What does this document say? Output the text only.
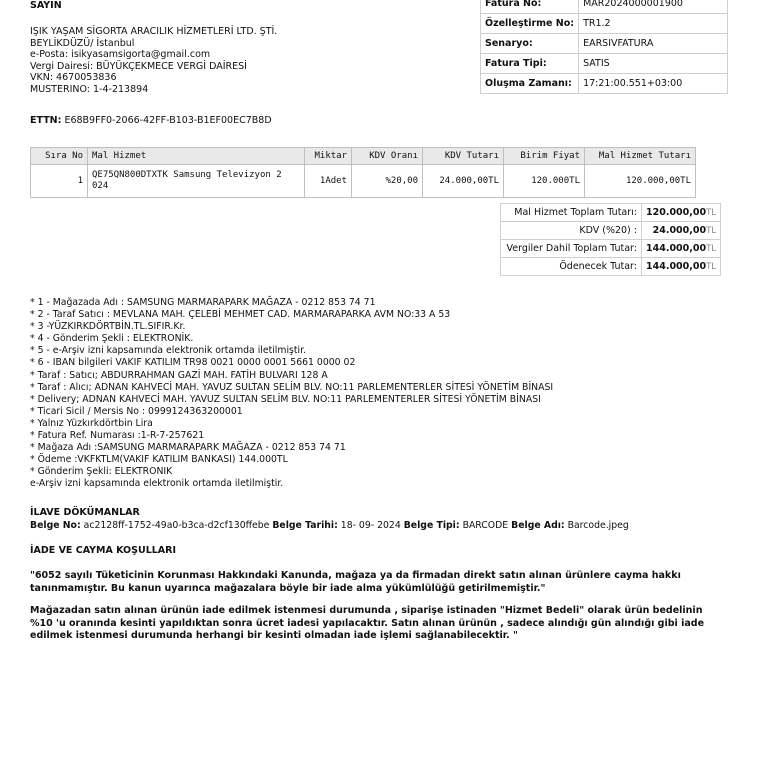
SAYIN
IŞIK YAŞAM SİGORTA ARACILIK HİZMETLERİ LTD. ŞTİ.
BEYLİKDÜZÜ/ İstanbul
e-Posta: isikyasamsigorta@gmail.com
Vergi Dairesi: BÜYÜKÇEKMECE VERGİ DAİRESİ
VKN: 4670053836
MUSTERINO: 1-4-213894
Fatura No:	MAR2024000001900
Özelleştirme No:	TR1.2
Senaryo:	EARSIVFATURA
Fatura Tipi:	SATIS
Oluşma Zamanı:	17:21:00.551+03:00
ETTN: E68B9FF0-2066-42FF-B103-B1EF00EC7B8D
Sıra No	Mal Hizmet	Miktar	KDV Oranı	KDV Tutarı	Birim Fiyat	Mal Hizmet Tutarı
1	QE75QN800DTXTK Samsung Televizyon 2 024	1Adet	%20,00	24.000,00TL	120.000TL	120.000,00TL
Mal Hizmet Toplam Tutarı:	120.000,00TL
KDV (%20) :	24.000,00TL
Vergiler Dahil Toplam Tutar:	144.000,00TL
Ödenecek Tutar:	144.000,00TL
* 1 - Mağazada Adı : SAMSUNG MARMARAPARK MAĞAZA - 0212 853 74 71
* 2 - Taraf Satıcı : MEVLANA MAH. ÇELEBİ MEHMET CAD. MARMARAPARKA AVM NO:33 A 53
* 3 -YÜZKIRKDÖRTBİN.TL.SIFIR.Kr.
* 4 - Gönderim Şekli : ELEKTRONİK.
* 5 - e-Arşiv izni kapsamında elektronik ortamda iletilmiştir.
* 6 - IBAN bilgileri VAKIF KATILIM TR98 0021 0000 0001 5661 0000 02
* Taraf : Satıcı; ABDURRAHMAN GAZİ MAH. FATİH BULVARI 128 A
* Taraf : Alıcı; ADNAN KAHVECİ MAH. YAVUZ SULTAN SELİM BLV. NO:11 PARLEMENTERLER SİTESİ YÖNETİM BİNASI
* Delivery; ADNAN KAHVECİ MAH. YAVUZ SULTAN SELİM BLV. NO:11 PARLEMENTERLER SİTESİ YÖNETİM BİNASI
* Ticari Sicil / Mersis No : 0999124363200001
* Yalnız Yüzkırkdörtbin Lira
* Fatura Ref. Numarası :1-R-7-257621
* Mağaza Adı :SAMSUNG MARMARAPARK MAĞAZA - 0212 853 74 71
* Ödeme :VKFKTLM(VAKIF KATILIM BANKASI) 144.000TL
* Gönderim Şekli: ELEKTRONIK
e-Arşiv izni kapsamında elektronik ortamda iletilmiştir.
İLAVE DÖKÜMANLAR
Belge No: ac2128ff-1752-49a0-b3ca-d2cf130ffebe Belge Tarihi: 18- 09- 2024 Belge Tipi: BARCODE Belge Adı: Barcode.jpeg
İADE VE CAYMA KOŞULLARI
"6052 sayılı Tüketicinin Korunması Hakkındaki Kanunda, mağaza ya da firmadan direkt satın alınan ürünlere cayma hakkı tanınmamıştır. Bu kanun uyarınca mağazalara böyle bir iade alma yükümlülüğü getirilmemiştir."
Mağazadan satın alınan ürünün iade edilmek istenmesi durumunda , siparişe istinaden "Hizmet Bedeli" olarak ürün bedelinin %10 'u oranında kesinti yapıldıktan sonra ücret iadesi yapılacaktır. Satın alınan ürünün , sadece alındığı gün alındığı gibi iade edilmek istenmesi durumunda herhangi bir kesinti olmadan iade işlemi sağlanabilecektir. "
